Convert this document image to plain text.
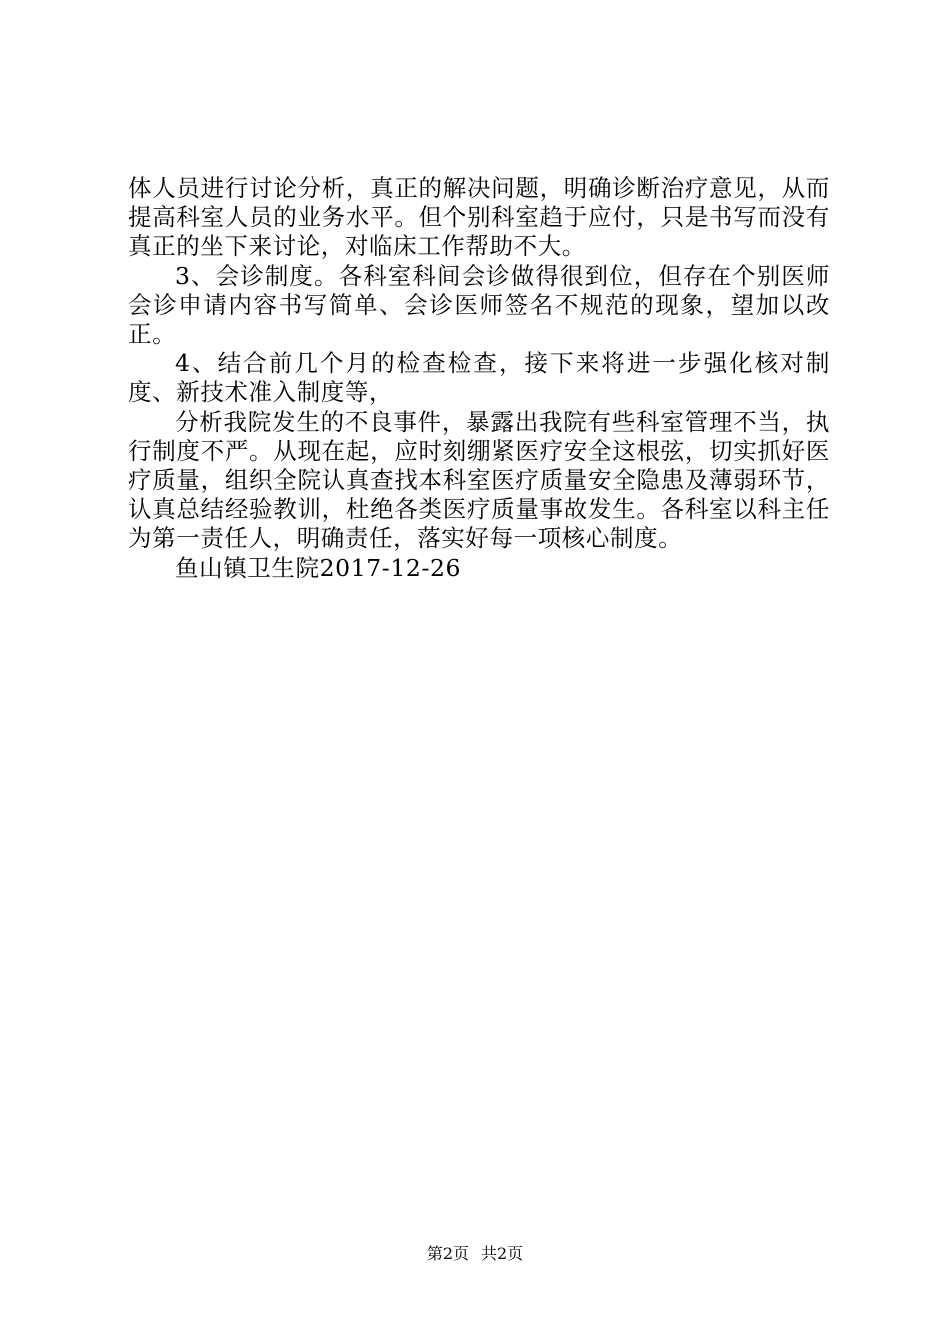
体人员进行讨论分析，真正的解决问题，明确诊断治疗意见，从而提高科室人员的业务水平。但个别科室趋于应付，只是书写而没有真正的坐下来讨论，对临床工作帮助不大。

3、会诊制度。各科室科间会诊做得很到位，但存在个别医师会诊申请内容书写简单、会诊医师签名不规范的现象，望加以改正。

4、结合前几个月的检查检查，接下来将进一步强化核对制度、新技术准入制度等，

分析我院发生的不良事件，暴露出我院有些科室管理不当，执行制度不严。从现在起，应时刻绷紧医疗安全这根弦，切实抓好医疗质量，组织全院认真查找本科室医疗质量安全隐患及薄弱环节，认真总结经验教训，杜绝各类医疗质量事故发生。各科室以科主任为第一责任人，明确责任，落实好每一项核心制度。

鱼山镇卫生院2017-12-26

第2页 共2页
